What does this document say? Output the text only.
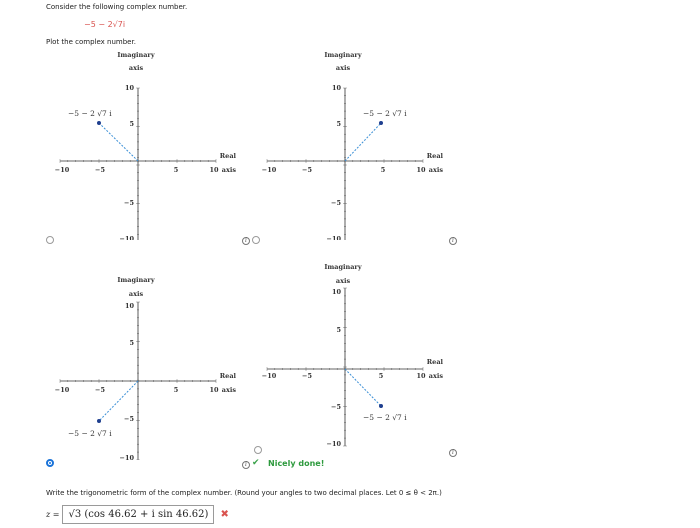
Consider the following complex number.
−5 − 2√7i
Plot the complex number.
Imaginary
axis
10
5
−5
−10
−10	−5	5	10
Real
axis
−5 − 2 √7 i
Imaginary
axis
10
5
−5
−10
−10	−5	5	10
Real
axis
−5 − 2 √7 i
Imaginary
axis
10
5
−5
−10
−10	−5	5	10
Real
axis
−5 − 2 √7 i
Imaginary
axis
10
5
−5
−10
−10	−5	5	10
Real
axis
−5 − 2 √7 i
i	i
i
i
✔ Nicely done!
Write the trigonometric form of the complex number. (Round your angles to two decimal places. Let 0 ≤ θ < 2π.)
z = √3 (cos 46.62 + i sin 46.62)	✖
